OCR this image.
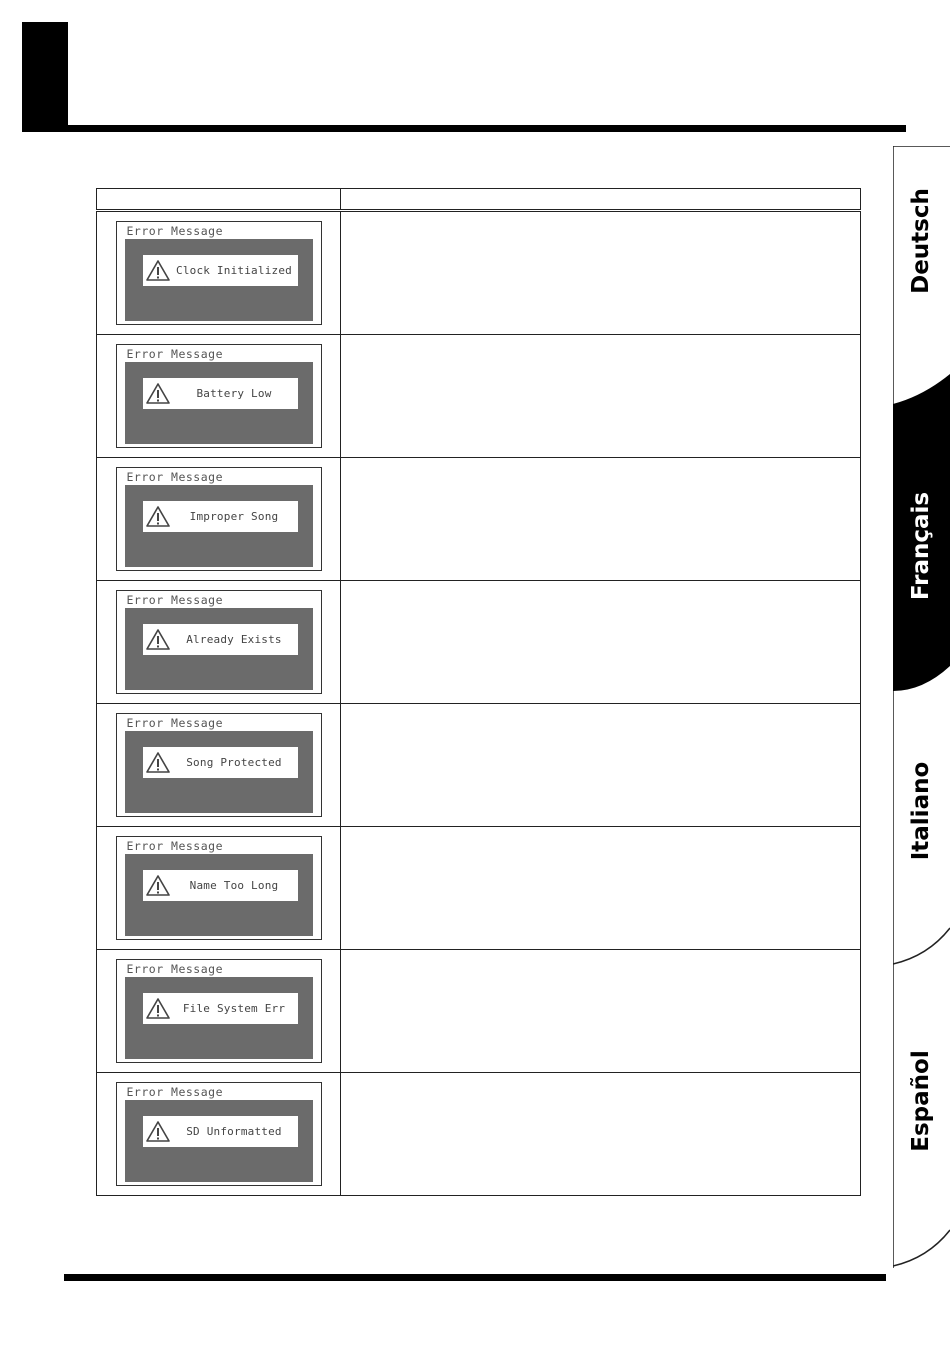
Error Message
Clock Initialized	

Error Message
Battery Low	

Error Message
Improper Song	

Error Message
Already Exists	

Error Message
Song Protected	

Error Message
Name Too Long	

Error Message
File System Err	

Error Message
SD Unformatted	

Deutsch
Français
Italiano
Español
